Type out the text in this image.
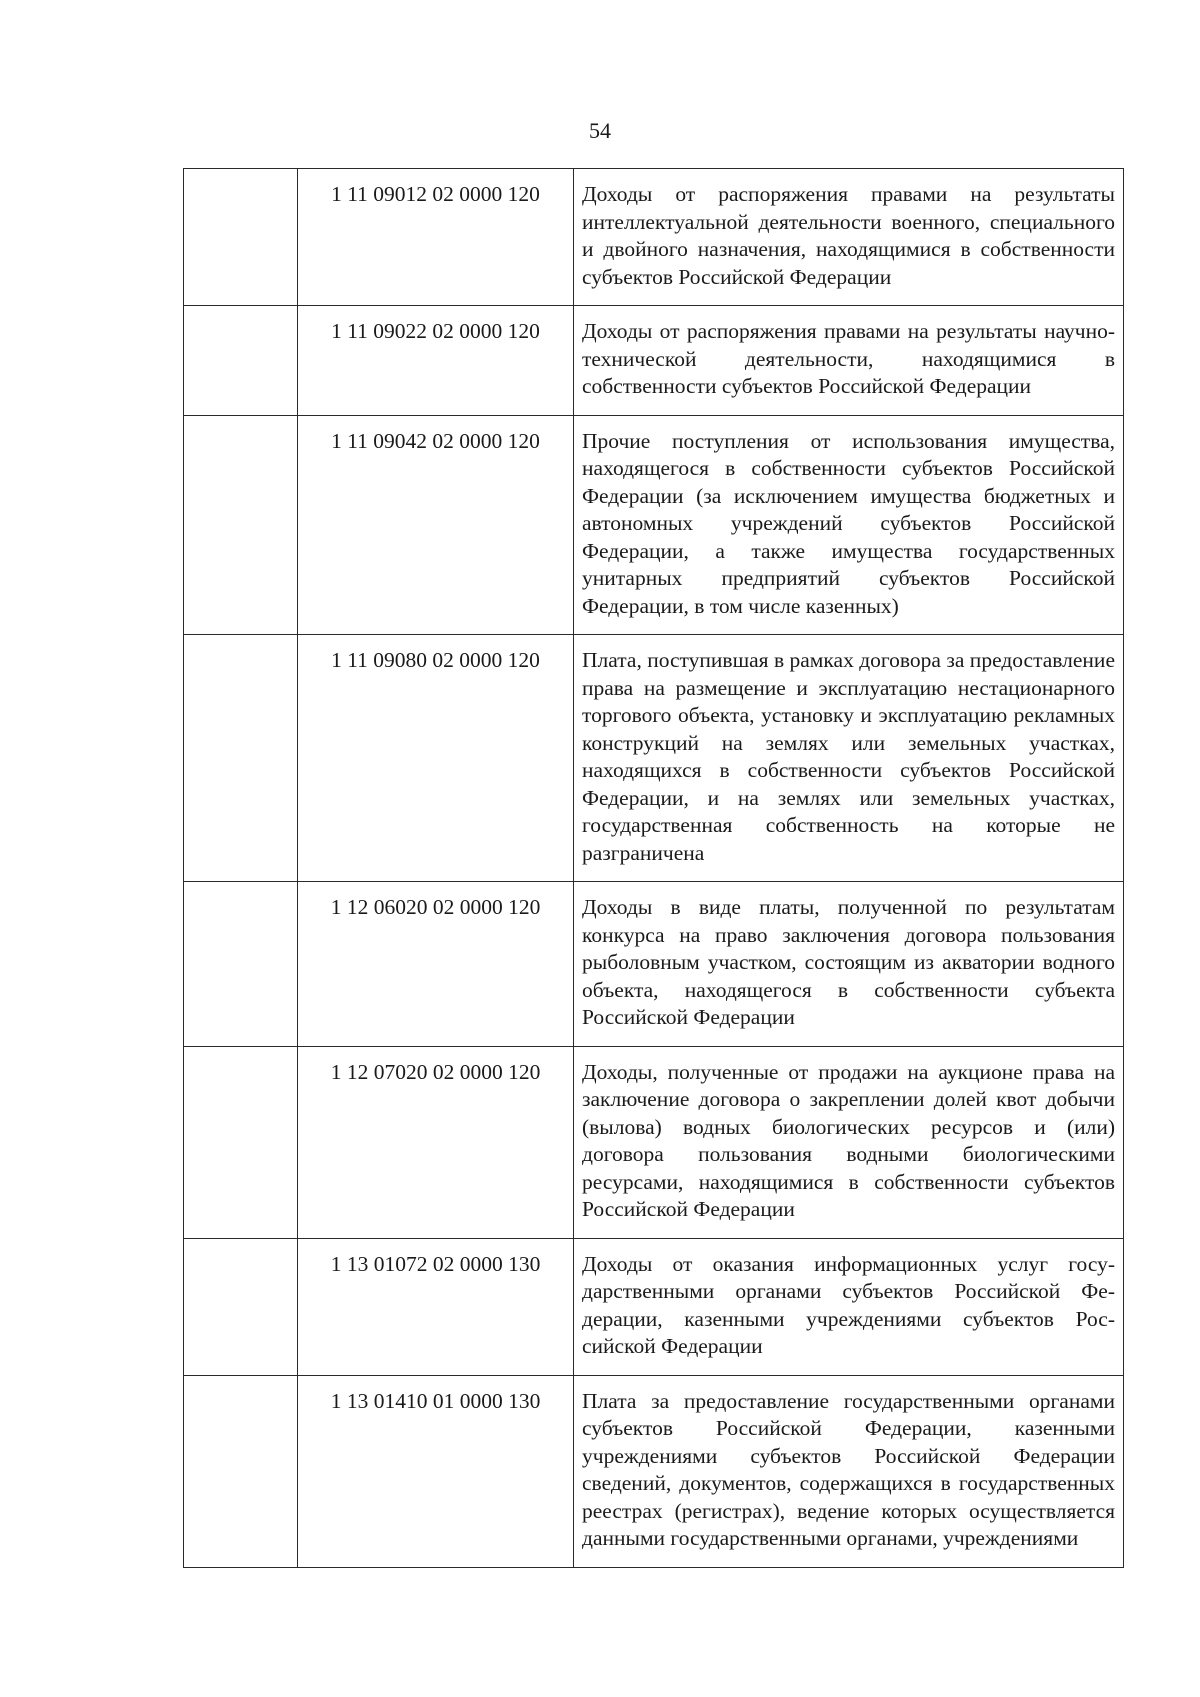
54
	1 11 09012 02 0000 120	Доходы от распоряжения правами на результаты интеллектуальной деятельности военного, специального и двойного назначения, находящимися в собственности субъектов Российской Федерации
	1 11 09022 02 0000 120	Доходы от распоряжения правами на результаты научно-технической деятельности, находящимися в собственности субъектов Российской Федерации
	1 11 09042 02 0000 120	Прочие поступления от использования имущества, находящегося в собственности субъектов Российской Федерации (за исключением имущества бюджетных и автономных учреждений субъектов Российской Федерации, а также имущества государственных унитарных предприятий субъектов Российской Федерации, в том числе казенных)
	1 11 09080 02 0000 120	Плата, поступившая в рамках договора за предоставление права на размещение и эксплуатацию нестационарного торгового объекта, установку и эксплуатацию рекламных конструкций на землях или земельных участках, находящихся в собственности субъектов Российской Федерации, и на землях или земельных участках, государственная собственность на которые не разграничена
	1 12 06020 02 0000 120	Доходы в виде платы, полученной по результатам конкурса на право заключения договора пользования рыболовным участком, состоящим из акватории водного объекта, находящегося в собственности субъекта Российской Федерации
	1 12 07020 02 0000 120	Доходы, полученные от продажи на аукционе права на заключение договора о закреплении долей квот добычи (вылова) водных биологических ресурсов и (или) договора пользования водными биологическими ресурсами, находящимися в собственности субъектов Российской Федерации
	1 13 01072 02 0000 130	Доходы от оказания информационных услуг государственными органами субъектов Российской Федерации, казенными учреждениями субъектов Российской Федерации
	1 13 01410 01 0000 130	Плата за предоставление государственными органами субъектов Российской Федерации, казенными учреждениями субъектов Российской Федерации сведений, документов, содержащихся в государственных реестрах (регистрах), ведение которых осуществляется данными государственными органами, учреждениями
